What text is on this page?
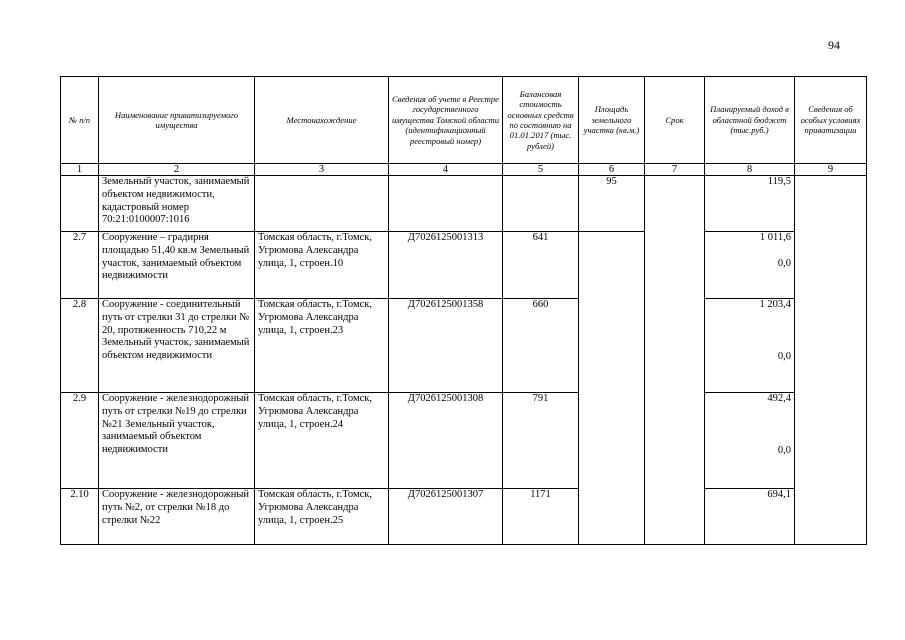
94
№ п/п	Наименование приватизируемого имущества	Местонахождение	Сведения об учете в Реестре государственного имущества Томской области (идентификационный реестровый номер)	Балансовая стоимость основных средств по состоянию на 01.01.2017 (тыс. рублей)	Площадь земельного участка (кв.м.)	Срок	Планируемый доход в областной бюджет (тыс.руб.)	Сведения об особых условиях приватизации
1	2	3	4	5	6	7	8	9
	Земельный участок, занимаемый объектом недвижимости, кадастровый номер 70:21:0100007:1016				95		119,5	

2.7	Сооружение – градирня площадью 51,40 кв.м Земельный участок, занимаемый объектом недвижимости	Томская область, г.Томск, Угрюмова Александра улица, 1, строен.10	Д7026125001313	641			1 011,6
0,0	

2.8	Сооружение - соединительный путь от стрелки 31 до стрелки № 20, протяженность 710,22 м Земельный участок, занимаемый объектом недвижимости	Томская область, г.Томск, Угрюмова Александра улица, 1, строен.23	Д7026125001358	660			1 203,4
0,0	

2.9	Сооружение - железнодорожный путь от стрелки №19 до стрелки №21 Земельный участок, занимаемый объектом недвижимости	Томская область, г.Томск, Угрюмова Александра улица, 1, строен.24	Д7026125001308	791			492,4
0,0	

2.10	Сооружение - железнодорожный путь №2, от стрелки №18 до стрелки №22	Томская область, г.Томск, Угрюмова Александра улица, 1, строен.25	Д7026125001307	1171			694,1	
